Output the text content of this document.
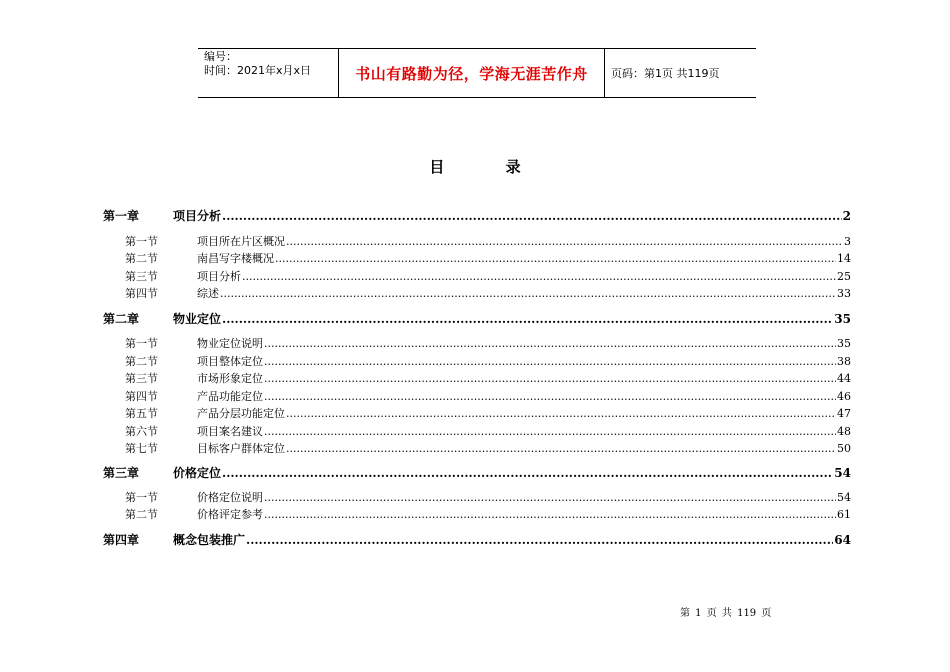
编号：
时间：2021年x月x日	书山有路勤为径，学海无涯苦作舟	页码：第1页 共119页
目 录
第一章	项目分析 .....	2
第一节	项目所在片区概况 .....	3
第二节	南昌写字楼概况 .....	14
第三节	项目分析 .....	25
第四节	综述 .....	33
第二章	物业定位 .....	35
第一节	物业定位说明 .....	35
第二节	项目整体定位 .....	38
第三节	市场形象定位 .....	44
第四节	产品功能定位 .....	46
第五节	产品分层功能定位 .....	47
第六节	项目案名建议 .....	48
第七节	目标客户群体定位 .....	50
第三章	价格定位 .....	54
第一节	价格定位说明 .....	54
第二节	价格评定参考 .....	61
第四章	概念包装推广 .....	64
第 1 页 共 119 页
